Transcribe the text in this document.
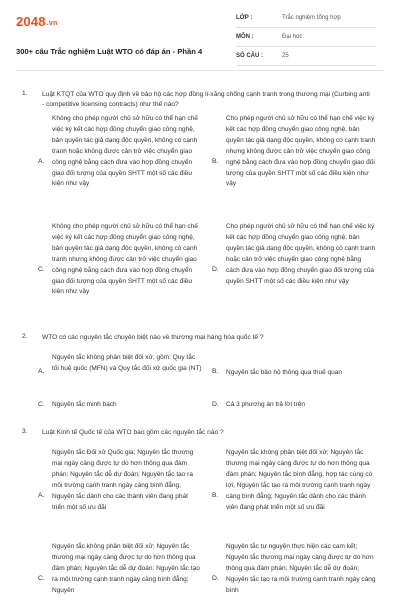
2048.vn
300+ câu Trắc nghiệm Luật WTO có đáp án - Phần 4
LỚP :	Trắc nghiệm tổng hợp
MÔN :	Đại học
SỐ CÂU :	25
1. Luật KTQT của WTO quy định về bảo hộ các hợp đồng li-xăng chống cạnh tranh trong thương mại (Curbing anti - competitive licensing contracts) như thế nào?
A.
Không cho phép người chủ sở hữu có thể hạn chế việc ký kết các hợp đồng chuyển giao công nghệ, bản quyền tác giả dạng độc quyền, không có cạnh tranh hoặc không được cản trở việc chuyển giao công nghệ bằng cách đưa vào hợp đồng chuyển giao đối tượng của quyền SHTT một số các điều kiện như vậy
B.
Cho phép người chủ sở hữu có thể hạn chế việc ký kết các hợp đồng chuyển giao công nghệ, bản quyền tác giả dạng độc quyền, không có cạnh tranh nhưng không được cản trở việc chuyển giao công nghệ bằng cách đưa vào hợp đồng chuyển giao đối tượng của quyền SHTT một số các điều kiện như vậy
C.
Không cho phép người chủ sở hữu có thể hạn chế việc ký kết các hợp đồng chuyển giao công nghệ, bản quyền tác giả dạng độc quyền, không có cạnh tranh nhưng không được cản trở việc chuyển giao công nghệ bằng cách đưa vào hợp đồng chuyển giao đối tượng của quyền SHTT một số các điều kiện như vậy
D.
Cho phép người chủ sở hữu có thể hạn chế việc ký kết các hợp đồng chuyển giao công nghệ, bản quyền tác giả dạng độc quyền, không có cạnh tranh hoặc cản trở việc chuyển giao công nghệ bằng cách đưa vào hợp đồng chuyển giao đối tượng của quyền SHTT một số các điều kiện như vậy
2. WTO có các nguyên tắc chuyên biệt nào về thương mại hàng hóa quốc tế ?
A.
Nguyên tắc không phân biệt đối xử, gồm: Quy tắc tối huệ quốc (MFN) và Quy tắc đối xử quốc gia (NT) B. Nguyên tắc bảo hộ thông qua thuế quan
C. Nguyên tắc minh bạch	D. Cả 3 phương án trả lời trên
3. Luật Kinh tế Quốc tế của WTO bao gồm các nguyên tắc nào ?
A.
Nguyên tắc Đối xử Quốc gia; Nguyên tắc thương mại ngày càng được tự do hơn thông qua đàm phán; Nguyên tắc dễ dự đoán; Nguyên tắc tạo ra môi trường cạnh tranh ngày càng bình đẳng; Nguyên tắc dành cho các thành viên đang phát triển một số ưu đãi
B.
Nguyên tắc không phân biệt đối xử; Nguyên tắc thương mại ngày càng được tự do hơn thông qua đàm phán; Nguyên tắc bình đẳng, hợp tác cùng có lợi; Nguyên tắc tạo ra môi trường cạnh tranh ngày càng bình đẳng; Nguyên tắc dành cho các thành viên đang phát triển một số ưu đãi
C.
Nguyên tắc không phân biệt đối xử; Nguyên tắc thương mại ngày càng được tự do hơn thông qua đàm phán; Nguyên tắc dễ dự đoán; Nguyên tắc tạo ra môi trường cạnh tranh ngày càng bình đẳng; Nguyên
D.
Nguyên tắc tự nguyện thực hiện các cam kết; Nguyên tắc thương mại ngày càng được tự do hơn thông qua đàm phán; Nguyên tắc dễ dự đoán; Nguyên tắc tạo ra môi trường cạnh tranh ngày càng bình
